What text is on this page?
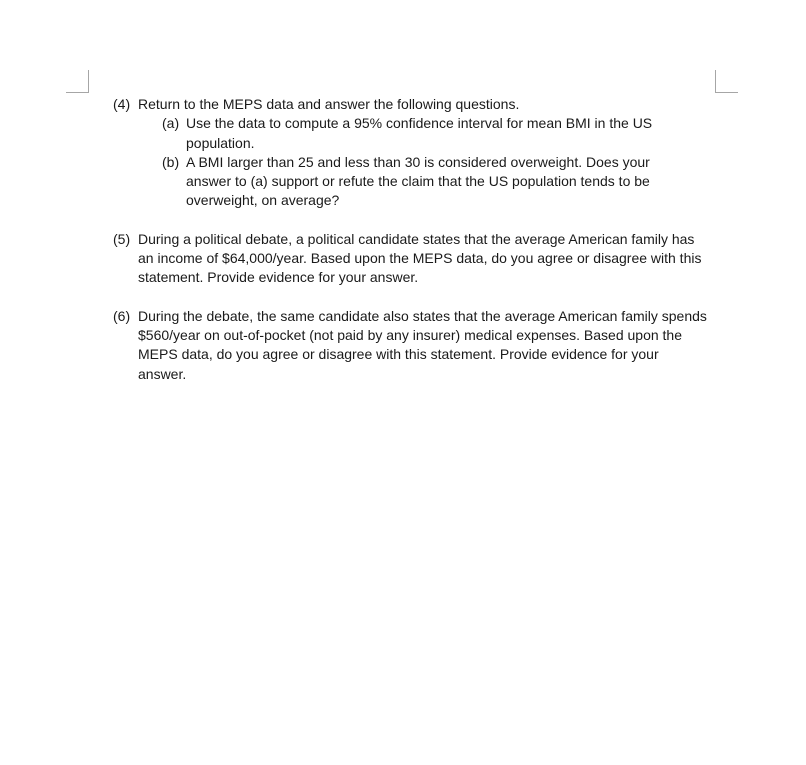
(4) Return to the MEPS data and answer the following questions.
(a) Use the data to compute a 95% confidence interval for mean BMI in the US population.
(b) A BMI larger than 25 and less than 30 is considered overweight. Does your answer to (a) support or refute the claim that the US population tends to be overweight, on average?
(5) During a political debate, a political candidate states that the average American family has an income of $64,000/year. Based upon the MEPS data, do you agree or disagree with this statement. Provide evidence for your answer.
(6) During the debate, the same candidate also states that the average American family spends $560/year on out-of-pocket (not paid by any insurer) medical expenses. Based upon the MEPS data, do you agree or disagree with this statement. Provide evidence for your answer.
